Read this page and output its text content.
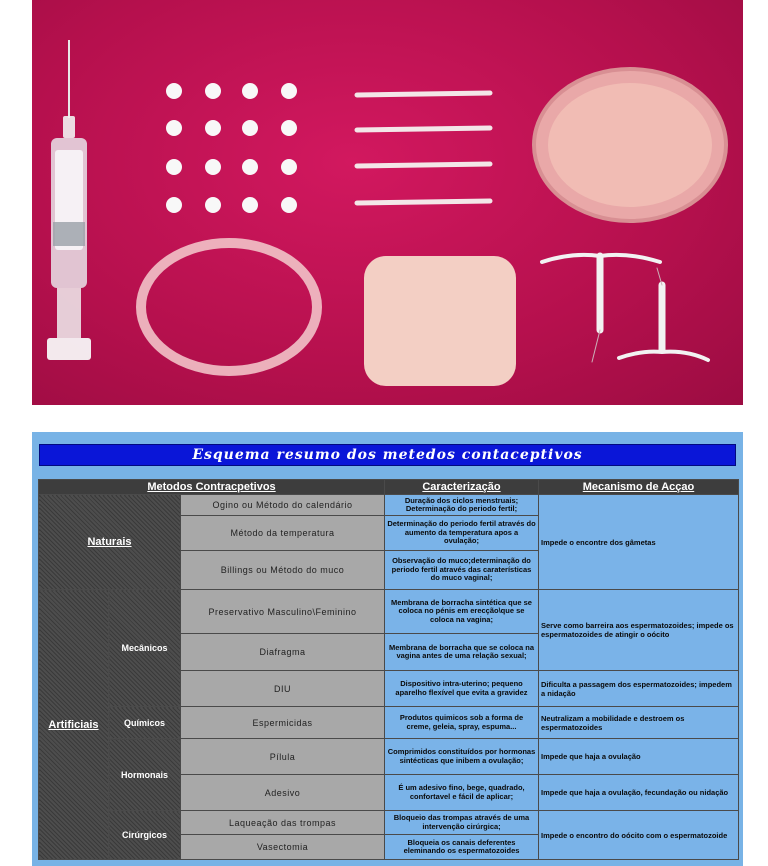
Esquema resumo dos metedos contaceptivos
Metodos Contracpetivos			Caracterização	Mecanismo de Acçao
Naturais		Ogino ou Método do calendário	Duração dos ciclos menstruais; Determinação do periodo fertil;	Impede o encontre dos gâmetas
		Método da temperatura	Determinação do periodo fertil através do aumento da temperatura apos a ovulação;	
		Billings ou Método do muco	Observação do muco;determinação do periodo fertil através das caraterísticas do muco vaginal;	
Artificiais	Mecânicos	Preservativo Masculino\Feminino	Membrana de borracha sintética que se coloca no pénis em erecção\que se coloca na vagina;	Serve como barreira aos espermatozoides; impede os espermatozoides de atingir o oócito
		Diafragma	Membrana de borracha que se coloca na vagina antes de uma relação sexual;	
		DIU	Dispositivo intra-uterino; pequeno aparelho flexível que evita a gravidez	Dificulta a passagem dos espermatozoides; impedem a nidação
	Químicos	Espermicidas	Produtos quimicos sob a forma de creme, geleia, spray, espuma...	Neutralizam a mobilidade e destroem os espermatozoides
	Hormonais	Pílula	Comprimidos constituídos por hormonas sintécticas que inibem a ovulação;	Impede que haja a ovulação
		Adesivo	É um adesivo fino, bege, quadrado, confortavel e fácil de aplicar;	Impede que haja a ovulação, fecundação ou nidação
	Cirúrgicos	Laqueação das trompas	Bloqueio das trompas através de uma intervenção cirúrgica;	Impede o encontro do oócito com o espermatozoide
		Vasectomia	Bloqueia os canais deferentes eleminando os espermatozoides	
